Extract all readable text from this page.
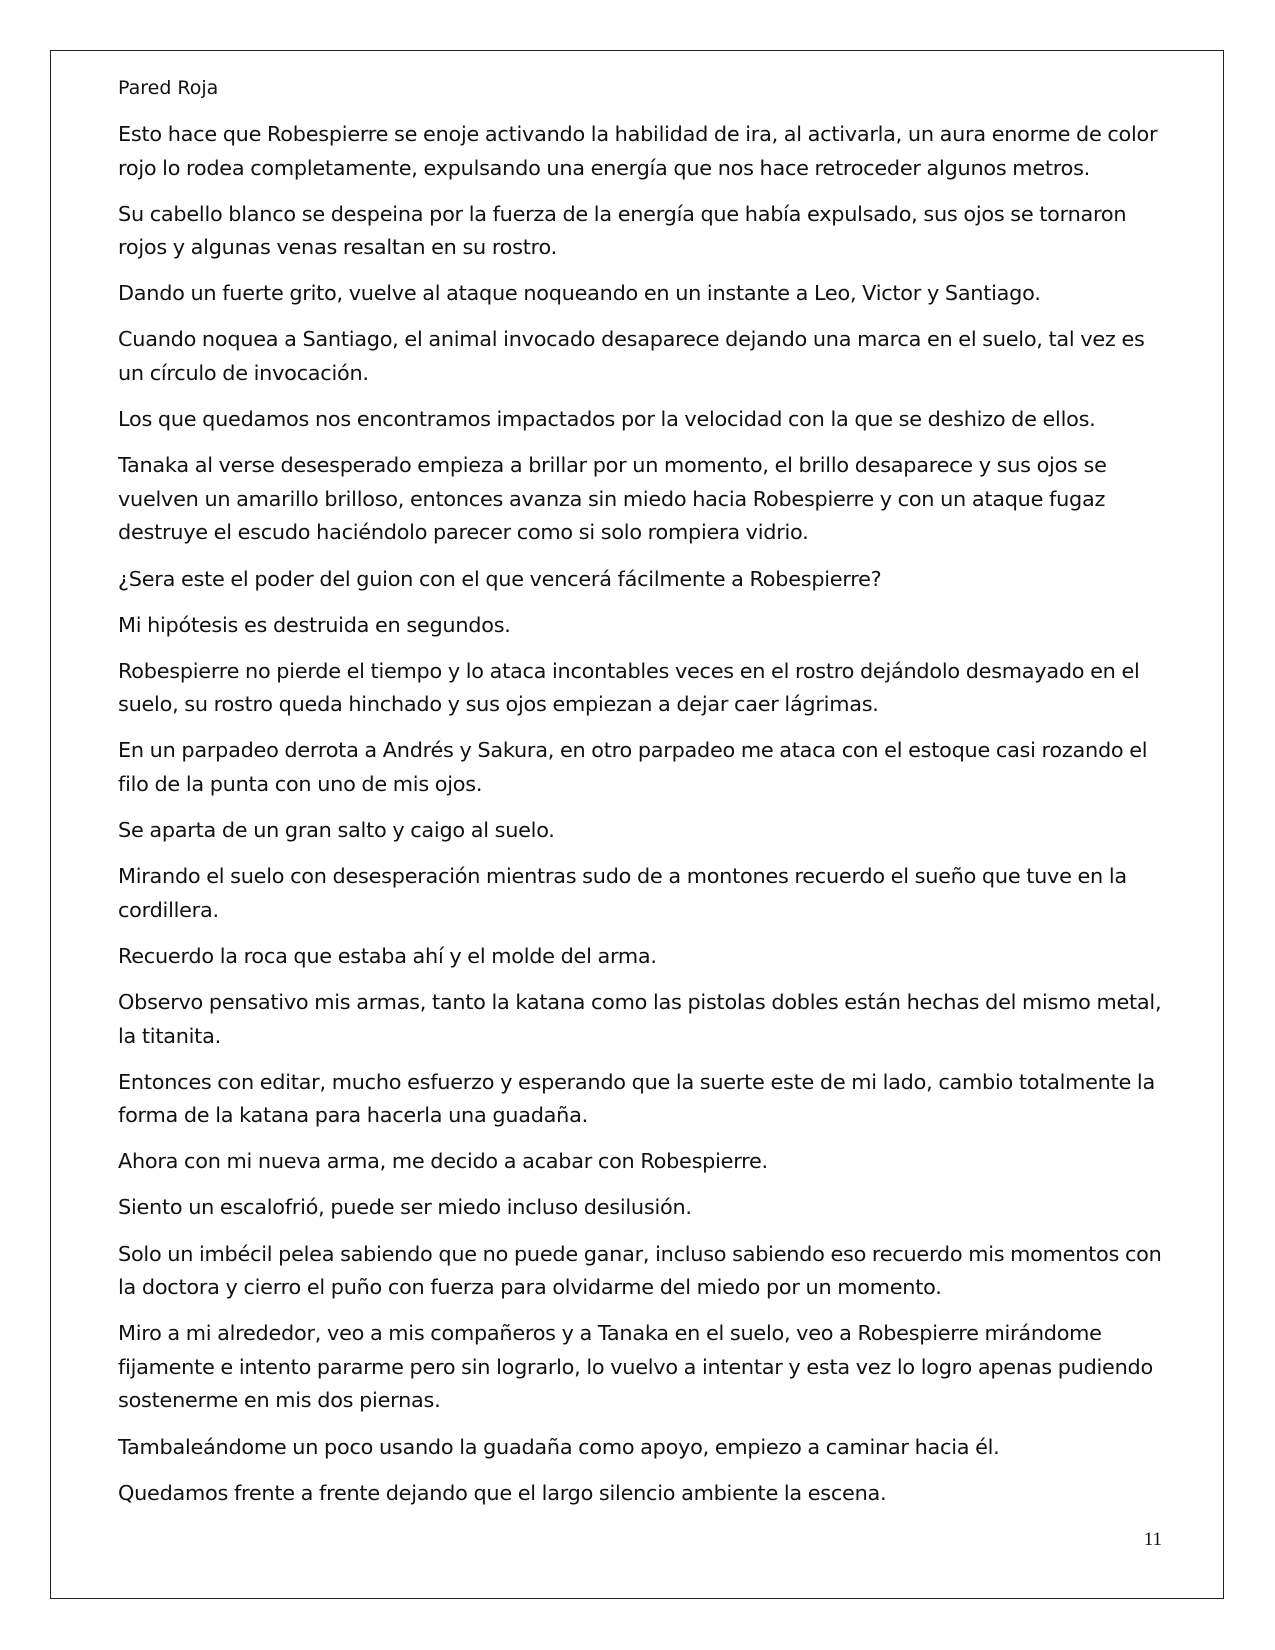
Pared Roja

Esto hace que Robespierre se enoje activando la habilidad de ira, al activarla, un aura enorme de color rojo lo rodea completamente, expulsando una energía que nos hace retroceder algunos metros.

Su cabello blanco se despeina por la fuerza de la energía que había expulsado, sus ojos se tornaron rojos y algunas venas resaltan en su rostro.

Dando un fuerte grito, vuelve al ataque noqueando en un instante a Leo, Victor y Santiago.

Cuando noquea a Santiago, el animal invocado desaparece dejando una marca en el suelo, tal vez es un círculo de invocación.

Los que quedamos nos encontramos impactados por la velocidad con la que se deshizo de ellos.

Tanaka al verse desesperado empieza a brillar por un momento, el brillo desaparece y sus ojos se vuelven un amarillo brilloso, entonces avanza sin miedo hacia Robespierre y con un ataque fugaz destruye el escudo haciéndolo parecer como si solo rompiera vidrio.

¿Sera este el poder del guion con el que vencerá fácilmente a Robespierre?

Mi hipótesis es destruida en segundos.

Robespierre no pierde el tiempo y lo ataca incontables veces en el rostro dejándolo desmayado en el suelo, su rostro queda hinchado y sus ojos empiezan a dejar caer lágrimas.

En un parpadeo derrota a Andrés y Sakura, en otro parpadeo me ataca con el estoque casi rozando el filo de la punta con uno de mis ojos.

Se aparta de un gran salto y caigo al suelo.

Mirando el suelo con desesperación mientras sudo de a montones recuerdo el sueño que tuve en la cordillera.

Recuerdo la roca que estaba ahí y el molde del arma.

Observo pensativo mis armas, tanto la katana como las pistolas dobles están hechas del mismo metal, la titanita.

Entonces con editar, mucho esfuerzo y esperando que la suerte este de mi lado, cambio totalmente la forma de la katana para hacerla una guadaña.

Ahora con mi nueva arma, me decido a acabar con Robespierre.

Siento un escalofrió, puede ser miedo incluso desilusión.

Solo un imbécil pelea sabiendo que no puede ganar, incluso sabiendo eso recuerdo mis momentos con la doctora y cierro el puño con fuerza para olvidarme del miedo por un momento.

Miro a mi alrededor, veo a mis compañeros y a Tanaka en el suelo, veo a Robespierre mirándome fijamente e intento pararme pero sin lograrlo, lo vuelvo a intentar y esta vez lo logro apenas pudiendo sostenerme en mis dos piernas.

Tambaleándome un poco usando la guadaña como apoyo, empiezo a caminar hacia él.

Quedamos frente a frente dejando que el largo silencio ambiente la escena.

11
